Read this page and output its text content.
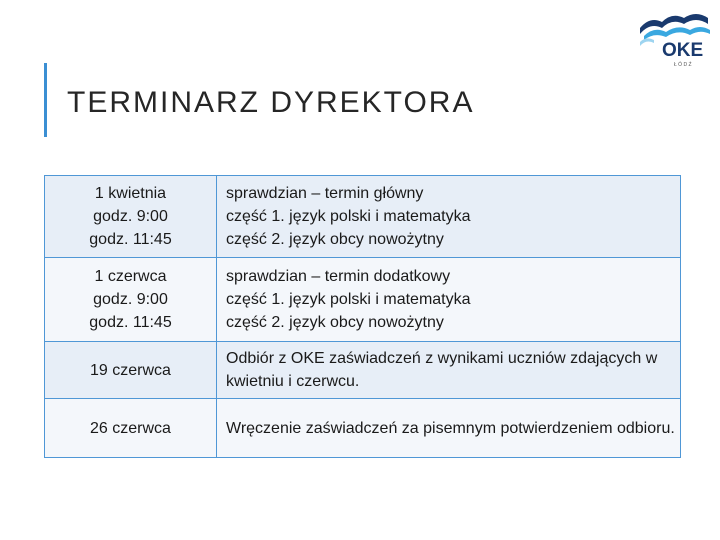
OKE
Ł Ó D Ź
TERMINARZ DYREKTORA
1 kwietnia
godz. 9:00
godz. 11:45	sprawdzian – termin główny
część 1. język polski i matematyka
część 2. język obcy nowożytny

1 czerwca
godz. 9:00
godz. 11:45	sprawdzian – termin dodatkowy
część 1. język polski i matematyka
część 2. język obcy nowożytny

19 czerwca	Odbiór z OKE zaświadczeń z wynikami uczniów zdających w kwietniu i czerwcu.

26 czerwca	Wręczenie zaświadczeń za pisemnym potwierdzeniem odbioru.
